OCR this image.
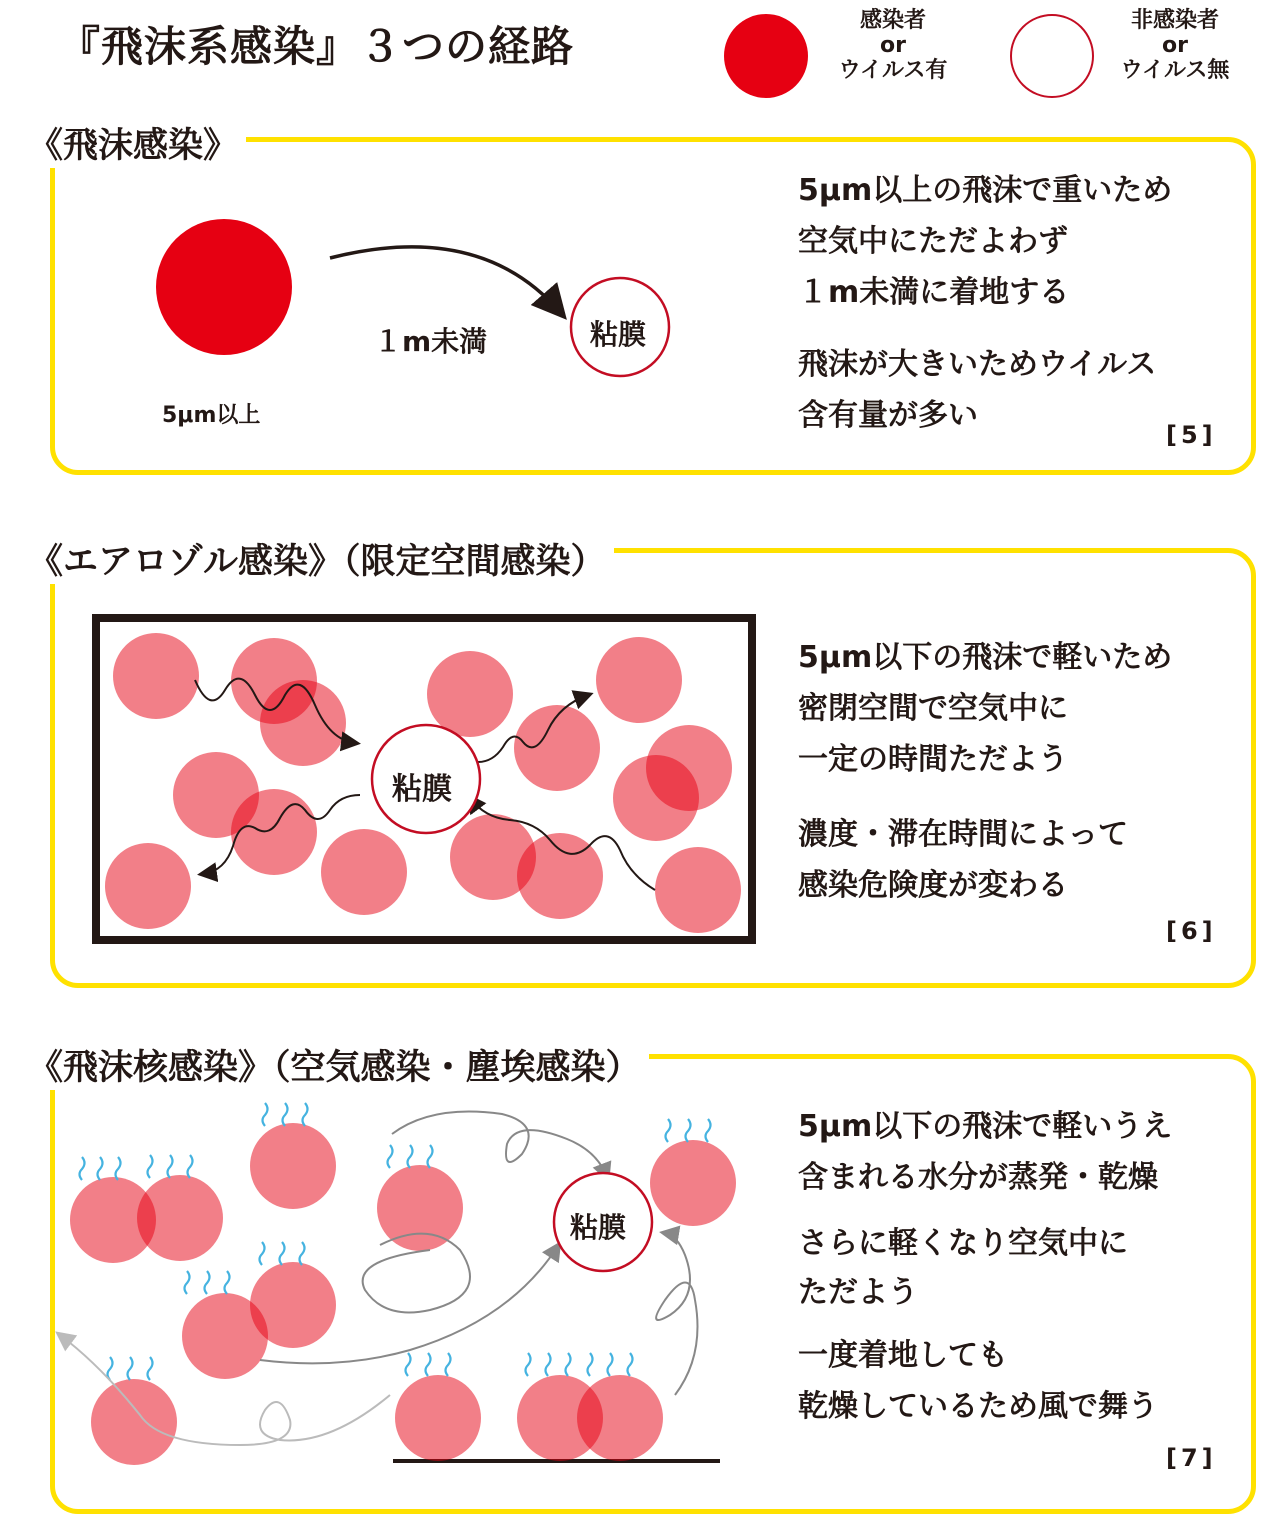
『飛沫系感染』３つの経路
感染者
or
ウイルス有
非感染者
or
ウイルス無
《飛沫感染》
《エアロゾル感染》（限定空間感染）
《飛沫核感染》（空気感染・塵埃感染）
5μm以上
１m未満	粘膜
粘膜
粘膜
5μm以上の飛沫で重いため
空気中にただよわず
１m未満に着地する
飛沫が大きいためウイルス
含有量が多い
[5]
5μm以下の飛沫で軽いため
密閉空間で空気中に
一定の時間ただよう
濃度・滞在時間によって
感染危険度が変わる
[6]
5μm以下の飛沫で軽いうえ
含まれる水分が蒸発・乾燥
さらに軽くなり空気中に
ただよう
一度着地しても
乾燥しているため風で舞う
[7]
